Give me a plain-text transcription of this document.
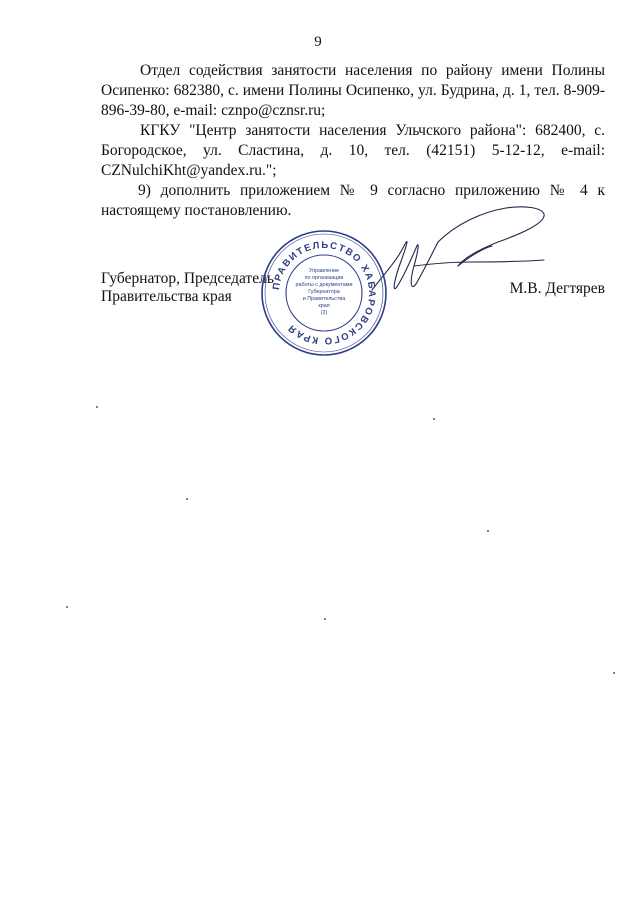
9

Отдел содействия занятости населения по району имени Полины Осипенко: 682380, с. имени Полины Осипенко, ул. Будрина, д. 1, тел. 8-909-896-39-80, e-mail: cznpo@cznsr.ru;

КГКУ "Центр занятости населения Ульчского района": 682400, с. Богородское, ул. Сластина, д. 10, тел. (42151) 5-12-12, e-mail: CZNulchiKht@yandex.ru.";

9) дополнить приложением № 9 согласно приложению № 4 к настоящему постановлению.

Губернатор, Председатель
Правительства края
ПРАВИТЕЛЬСТВО ХАБАРОВСКОГО КРАЯ
Управление
по организации
работы с документами
Губернатора
и Правительства
края
(2)
М.В. Дегтярев
